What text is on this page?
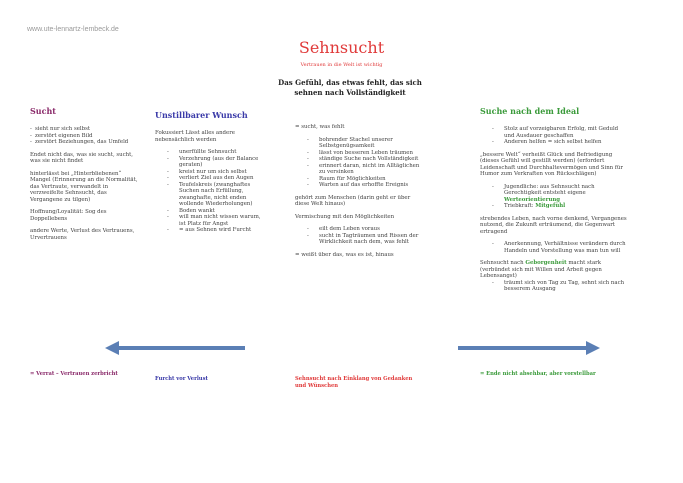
www.ute-lennartz-lembeck.de
Sehnsucht
Vertrauen in die Welt ist wichtig
Das Gefühl, das etwas fehlt, das sich sehnen nach Vollständigkeit
Sucht
- sieht nur sich selbst
- zerstört eigenen Bild
- zerstört Beziehungen, das Umfeld

Endet nicht das, was sie sucht, sucht, was sie nicht findet

hinterlässt bei „Hinterbliebenen“ Mangel (Erinnerung an die Normalität, das Vertraute, verwandelt in verzweifelte Sehnsucht, das Vergangene zu tilgen)

Hoffnung/Loyalität: Sog des Doppellebens

andere Werte, Verlust des Vertrauens, Urvertrauens

Unstillbarer Wunsch

Fokussiert Lässt alles andere nebensächlich werden

- unerfüllte Sehnsucht
- Verzehrung (aus der Balance geraten)
- kreist nur um sich selbst
- verliert Ziel aus den Augen
- Teufelskreis (zwanghaftes Suchen nach Erfüllung, zwanghafte, nicht enden wollende Wiederholungen)
- Boden wankt
- will man nicht wissen warum, ist Platz für Angst
- = aus Sehnen wird Furcht

= sucht, was fehlt

- bohrender Stachel unserer Selbstgenügsamkeit
- lässt von besseren Leben träumen
- ständige Suche nach Vollständigkeit
- erinnert daran, nicht im Alltäglichen zu versinken
- Raum für Möglichkeiten
- Warten auf das erhoffte Ereignis

gehört zum Menschen (darin geht er über diese Welt hinaus)

Vermischung mit den Möglichkeiten

- eilt dem Leben voraus
- sucht in Tagträumen und Rissen der Wirklichkeit nach dem, was fehlt

= weißt über das, was es ist, hinaus

Suche nach dem Ideal
- Stolz auf vorzeigbaren Erfolg, mit Geduld und Ausdauer geschaffen
- Anderen helfen = sich selbst helfen

„bessere Welt“ verheißt Glück und Befriedigung (dieses Gefühl will gestillt werden) (erfordert Leidenschaft und Durchhaltevermögen und Sinn für Humor zum Verkraften von Rückschlägen)

- Jugendliche: aus Sehnsucht nach Gerechtigkeit entsteht eigene Werteorientierung
- Triebkraft: Mitgefühl

strebendes Leben, nach vorne denkend, Vergangenes nutzend, die Zukunft erträumend, die Gegenwart ertragend

- Anerkennung, Verhältnisse verändern durch Handeln und Vorstellung was man tun will

Sehnsucht nach Geborgenheit macht stark (verbündet sich mit Willen und Arbeit gegen Lebensangst)

- träumt sich von Tag zu Tag, sehnt sich nach besserem Ausgang
= Verrat – Vertrauen zerbricht
Furcht vor Verlust	Sehnsucht nach Einklang von Gedanken und Wünschen
= Ende nicht absehbar, aber vorstellbar
